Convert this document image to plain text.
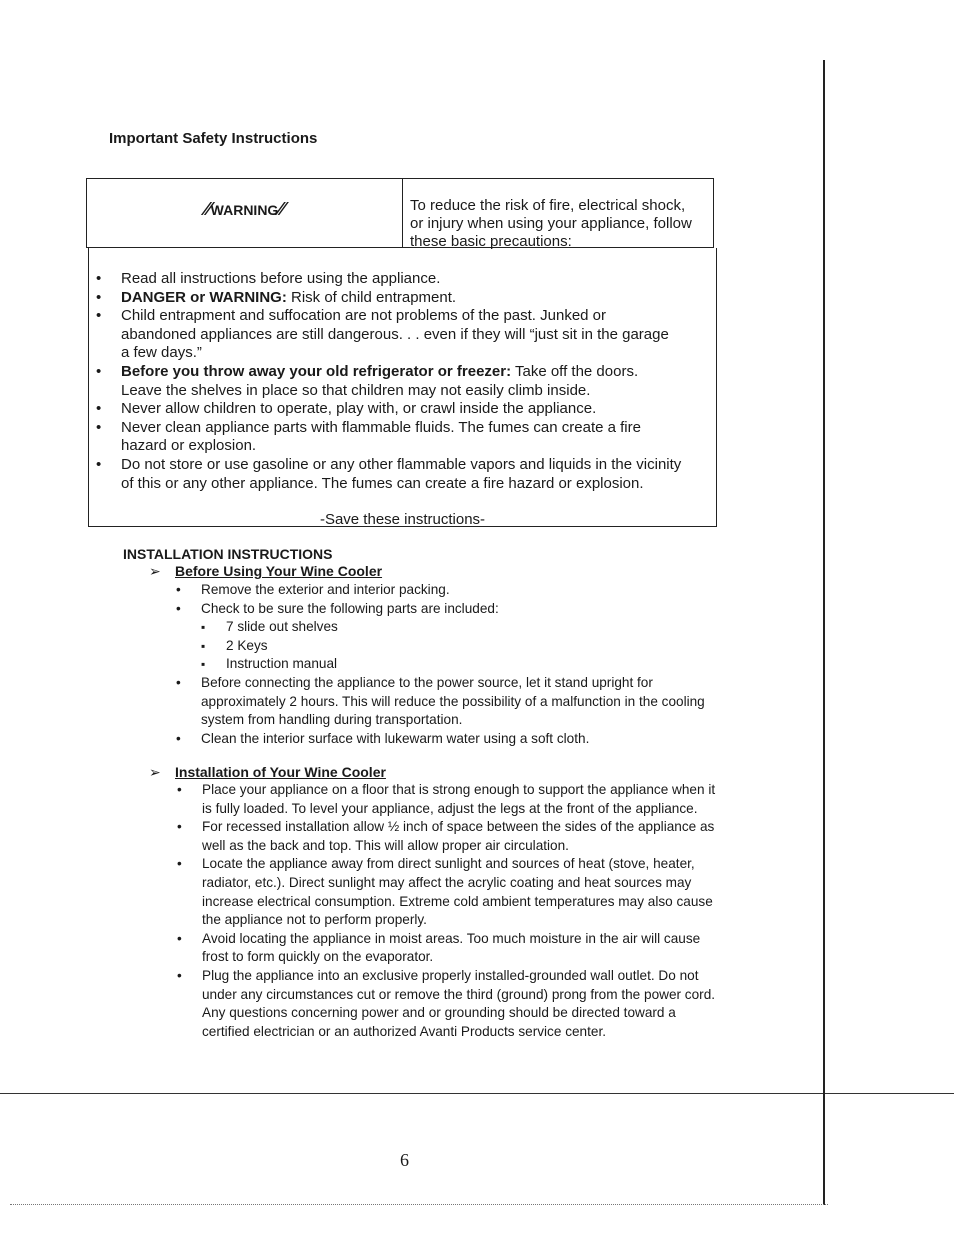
Important Safety Instructions
⁄⁄WARNING⁄⁄	To reduce the risk of fire, electrical shock,
or injury when using your appliance, follow
these basic precautions:
• Read all instructions before using the appliance.
• DANGER or WARNING: Risk of child entrapment.
• Child entrapment and suffocation are not problems of the past. Junked or
abandoned appliances are still dangerous. . . even if they will “just sit in the garage
a few days.”
• Before you throw away your old refrigerator or freezer: Take off the doors.
Leave the shelves in place so that children may not easily climb inside.
• Never allow children to operate, play with, or crawl inside the appliance.
• Never clean appliance parts with flammable fluids. The fumes can create a fire
hazard or explosion.
• Do not store or use gasoline or any other flammable vapors and liquids in the vicinity
of this or any other appliance. The fumes can create a fire hazard or explosion.
-Save these instructions-
INSTALLATION INSTRUCTIONS
➢ Before Using Your Wine Cooler
• Remove the exterior and interior packing.
• Check to be sure the following parts are included:
▪ 7 slide out shelves
▪ 2 Keys
▪ Instruction manual
• Before connecting the appliance to the power source, let it stand upright for
approximately 2 hours. This will reduce the possibility of a malfunction in the cooling
system from handling during transportation.
• Clean the interior surface with lukewarm water using a soft cloth.
➢ Installation of Your Wine Cooler
• Place your appliance on a floor that is strong enough to support the appliance when it
is fully loaded. To level your appliance, adjust the legs at the front of the appliance.
• For recessed installation allow ½ inch of space between the sides of the appliance as
well as the back and top. This will allow proper air circulation.
• Locate the appliance away from direct sunlight and sources of heat (stove, heater,
radiator, etc.). Direct sunlight may affect the acrylic coating and heat sources may
increase electrical consumption. Extreme cold ambient temperatures may also cause
the appliance not to perform properly.
• Avoid locating the appliance in moist areas. Too much moisture in the air will cause
frost to form quickly on the evaporator.
• Plug the appliance into an exclusive properly installed-grounded wall outlet. Do not
under any circumstances cut or remove the third (ground) prong from the power cord.
Any questions concerning power and or grounding should be directed toward a
certified electrician or an authorized Avanti Products service center.
6
